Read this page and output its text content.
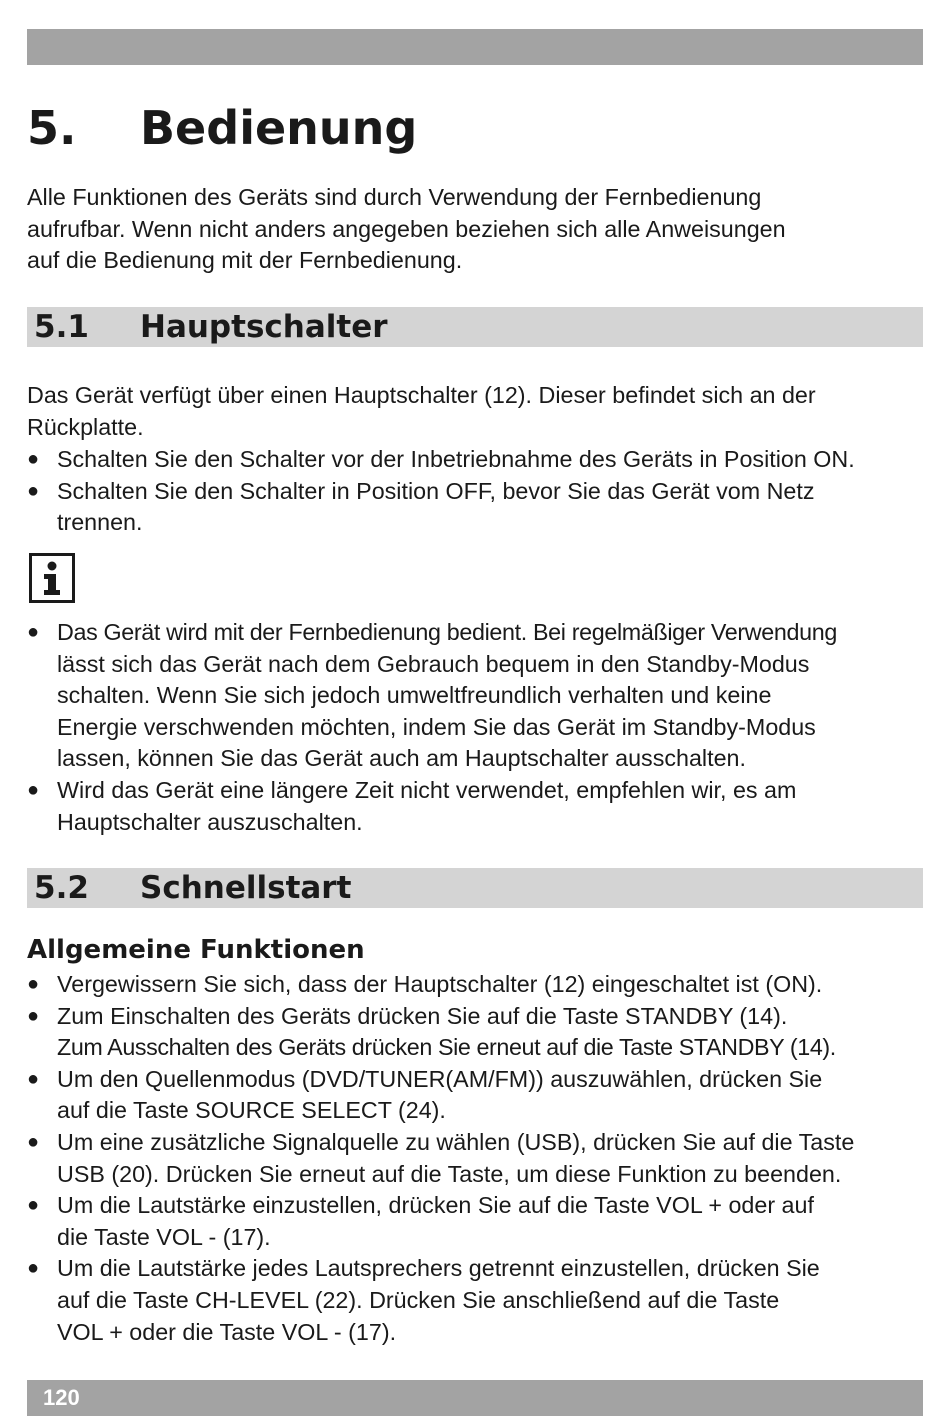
5. Bedienung
Alle Funktionen des Geräts sind durch Verwendung der Fernbedienung
aufrufbar. Wenn nicht anders angegeben beziehen sich alle Anweisungen
auf die Bedienung mit der Fernbedienung.
5.1 Hauptschalter
Das Gerät verfügt über einen Hauptschalter (12). Dieser befindet sich an der
Rückplatte.
● Schalten Sie den Schalter vor der Inbetriebnahme des Geräts in Position ON.
● Schalten Sie den Schalter in Position OFF, bevor Sie das Gerät vom Netz
trennen.
● Das Gerät wird mit der Fernbedienung bedient. Bei regelmäßiger Verwendung
lässt sich das Gerät nach dem Gebrauch bequem in den Standby-Modus
schalten. Wenn Sie sich jedoch umweltfreundlich verhalten und keine
Energie verschwenden möchten, indem Sie das Gerät im Standby-Modus
lassen, können Sie das Gerät auch am Hauptschalter ausschalten.
● Wird das Gerät eine längere Zeit nicht verwendet, empfehlen wir, es am
Hauptschalter auszuschalten.
5.2 Schnellstart
Allgemeine Funktionen
● Vergewissern Sie sich, dass der Hauptschalter (12) eingeschaltet ist (ON).
● Zum Einschalten des Geräts drücken Sie auf die Taste STANDBY (14).
Zum Ausschalten des Geräts drücken Sie erneut auf die Taste STANDBY (14).
● Um den Quellenmodus (DVD/TUNER(AM/FM)) auszuwählen, drücken Sie
auf die Taste SOURCE SELECT (24).
● Um eine zusätzliche Signalquelle zu wählen (USB), drücken Sie auf die Taste
USB (20). Drücken Sie erneut auf die Taste, um diese Funktion zu beenden.
● Um die Lautstärke einzustellen, drücken Sie auf die Taste VOL + oder auf
die Taste VOL - (17).
● Um die Lautstärke jedes Lautsprechers getrennt einzustellen, drücken Sie
auf die Taste CH-LEVEL (22). Drücken Sie anschließend auf die Taste
VOL + oder die Taste VOL - (17).
120
